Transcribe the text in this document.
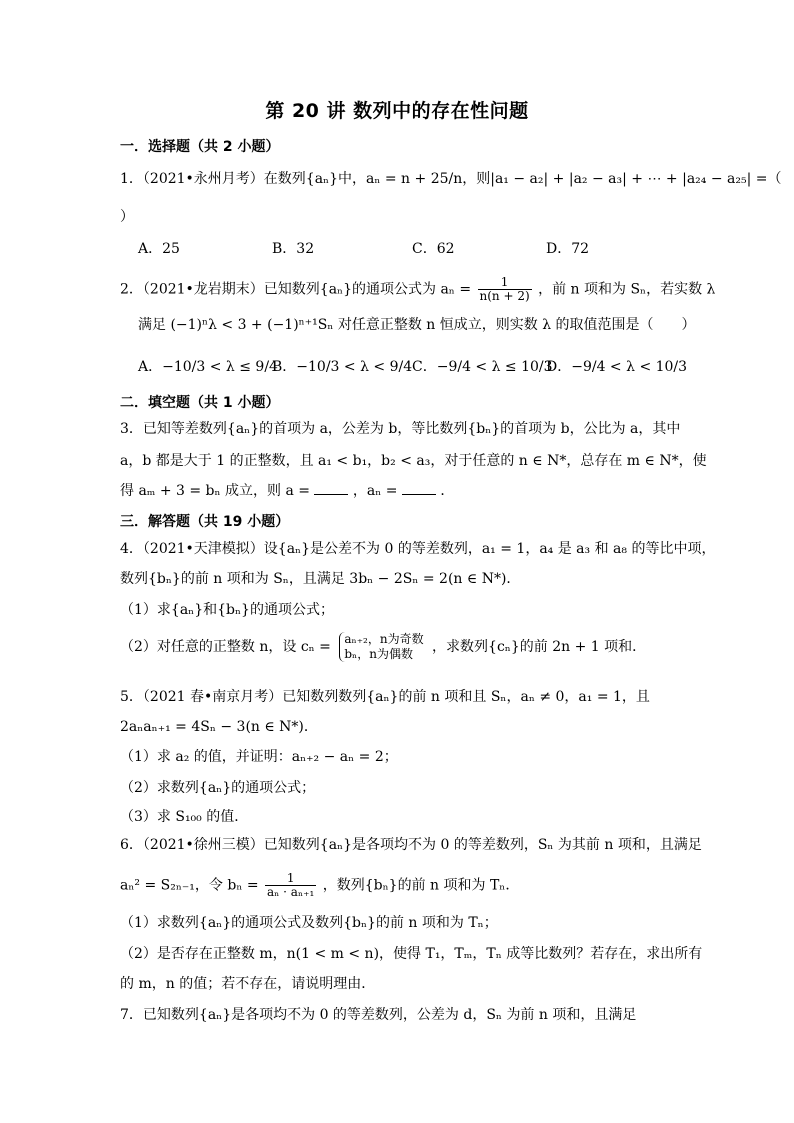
第 20 讲 数列中的存在性问题
一．选择题（共 2 小题）
1．（2021•永州月考）在数列{aₙ}中，aₙ = n + 25/n，则|a₁ − a₂| + |a₂ − a₃| + ⋯ + |a₂₄ − a₂₅| =（
）
A．25	B．32	C．62	D．72
2．（2021•龙岩期末）已知数列{aₙ}的通项公式为 $a_n = \frac{1}{n(n + 2)}$ ，前 n 项和为 Sₙ，若实数 λ
满足 (−1)ⁿλ < 3 + (−1)ⁿ⁺¹Sₙ 对任意正整数 n 恒成立，则实数 λ 的取值范围是（　　）
A．−10/3 < λ ≤ 9/4
B．−10/3 < λ < 9/4 C．−9/4 < λ ≤ 10/3
D．−9/4 < λ < 10/3
二．填空题（共 1 小题）
3．已知等差数列{aₙ}的首项为 a，公差为 b，等比数列{bₙ}的首项为 b，公比为 a，其中
a，b 都是大于 1 的正整数，且 a₁ < b₁，b₂ < a₃，对于任意的 n ∈ N*，总存在 m ∈ N*，使
得 aₘ + 3 = bₙ 成立，则 a =	，aₙ =	．
三．解答题（共 19 小题）
4．（2021•天津模拟）设{aₙ}是公差不为 0 的等差数列，a₁ = 1，a₄ 是 a₃ 和 a₈ 的等比中项，
数列{bₙ}的前 n 项和为 Sₙ，且满足 3bₙ − 2Sₙ = 2(n ∈ N*)．
（1）求{aₙ}和{bₙ}的通项公式；
（2）对任意的正整数 n，设 cₙ = aₙ₊₂，n为奇数
bₙ，n为偶数	，求数列{cₙ}的前 2n + 1 项和．
5．（2021 春•南京月考）已知数列数列{aₙ}的前 n 项和且 Sₙ，aₙ ≠ 0，a₁ = 1，且
2aₙaₙ₊₁ = 4Sₙ − 3(n ∈ N*)．
（1）求 a₂ 的值，并证明：aₙ₊₂ − aₙ = 2；
（2）求数列{aₙ}的通项公式；
（3）求 S₁₀₀ 的值．
6．（2021•徐州三模）已知数列{aₙ}是各项均不为 0 的等差数列，Sₙ 为其前 n 项和，且满足
aₙ² = S₂ₙ₋₁，令 $b_n = \frac{1}{\text{aₙ · aₙ₊₁}}$ ，数列{bₙ}的前 n 项和为 Tₙ．
（1）求数列{aₙ}的通项公式及数列{bₙ}的前 n 项和为 Tₙ；
（2）是否存在正整数 m，n(1 < m < n)，使得 T₁，Tₘ，Tₙ 成等比数列？若存在，求出所有
的 m，n 的值；若不存在，请说明理由．
7．已知数列{aₙ}是各项均不为 0 的等差数列，公差为 d，Sₙ 为前 n 项和，且满足
